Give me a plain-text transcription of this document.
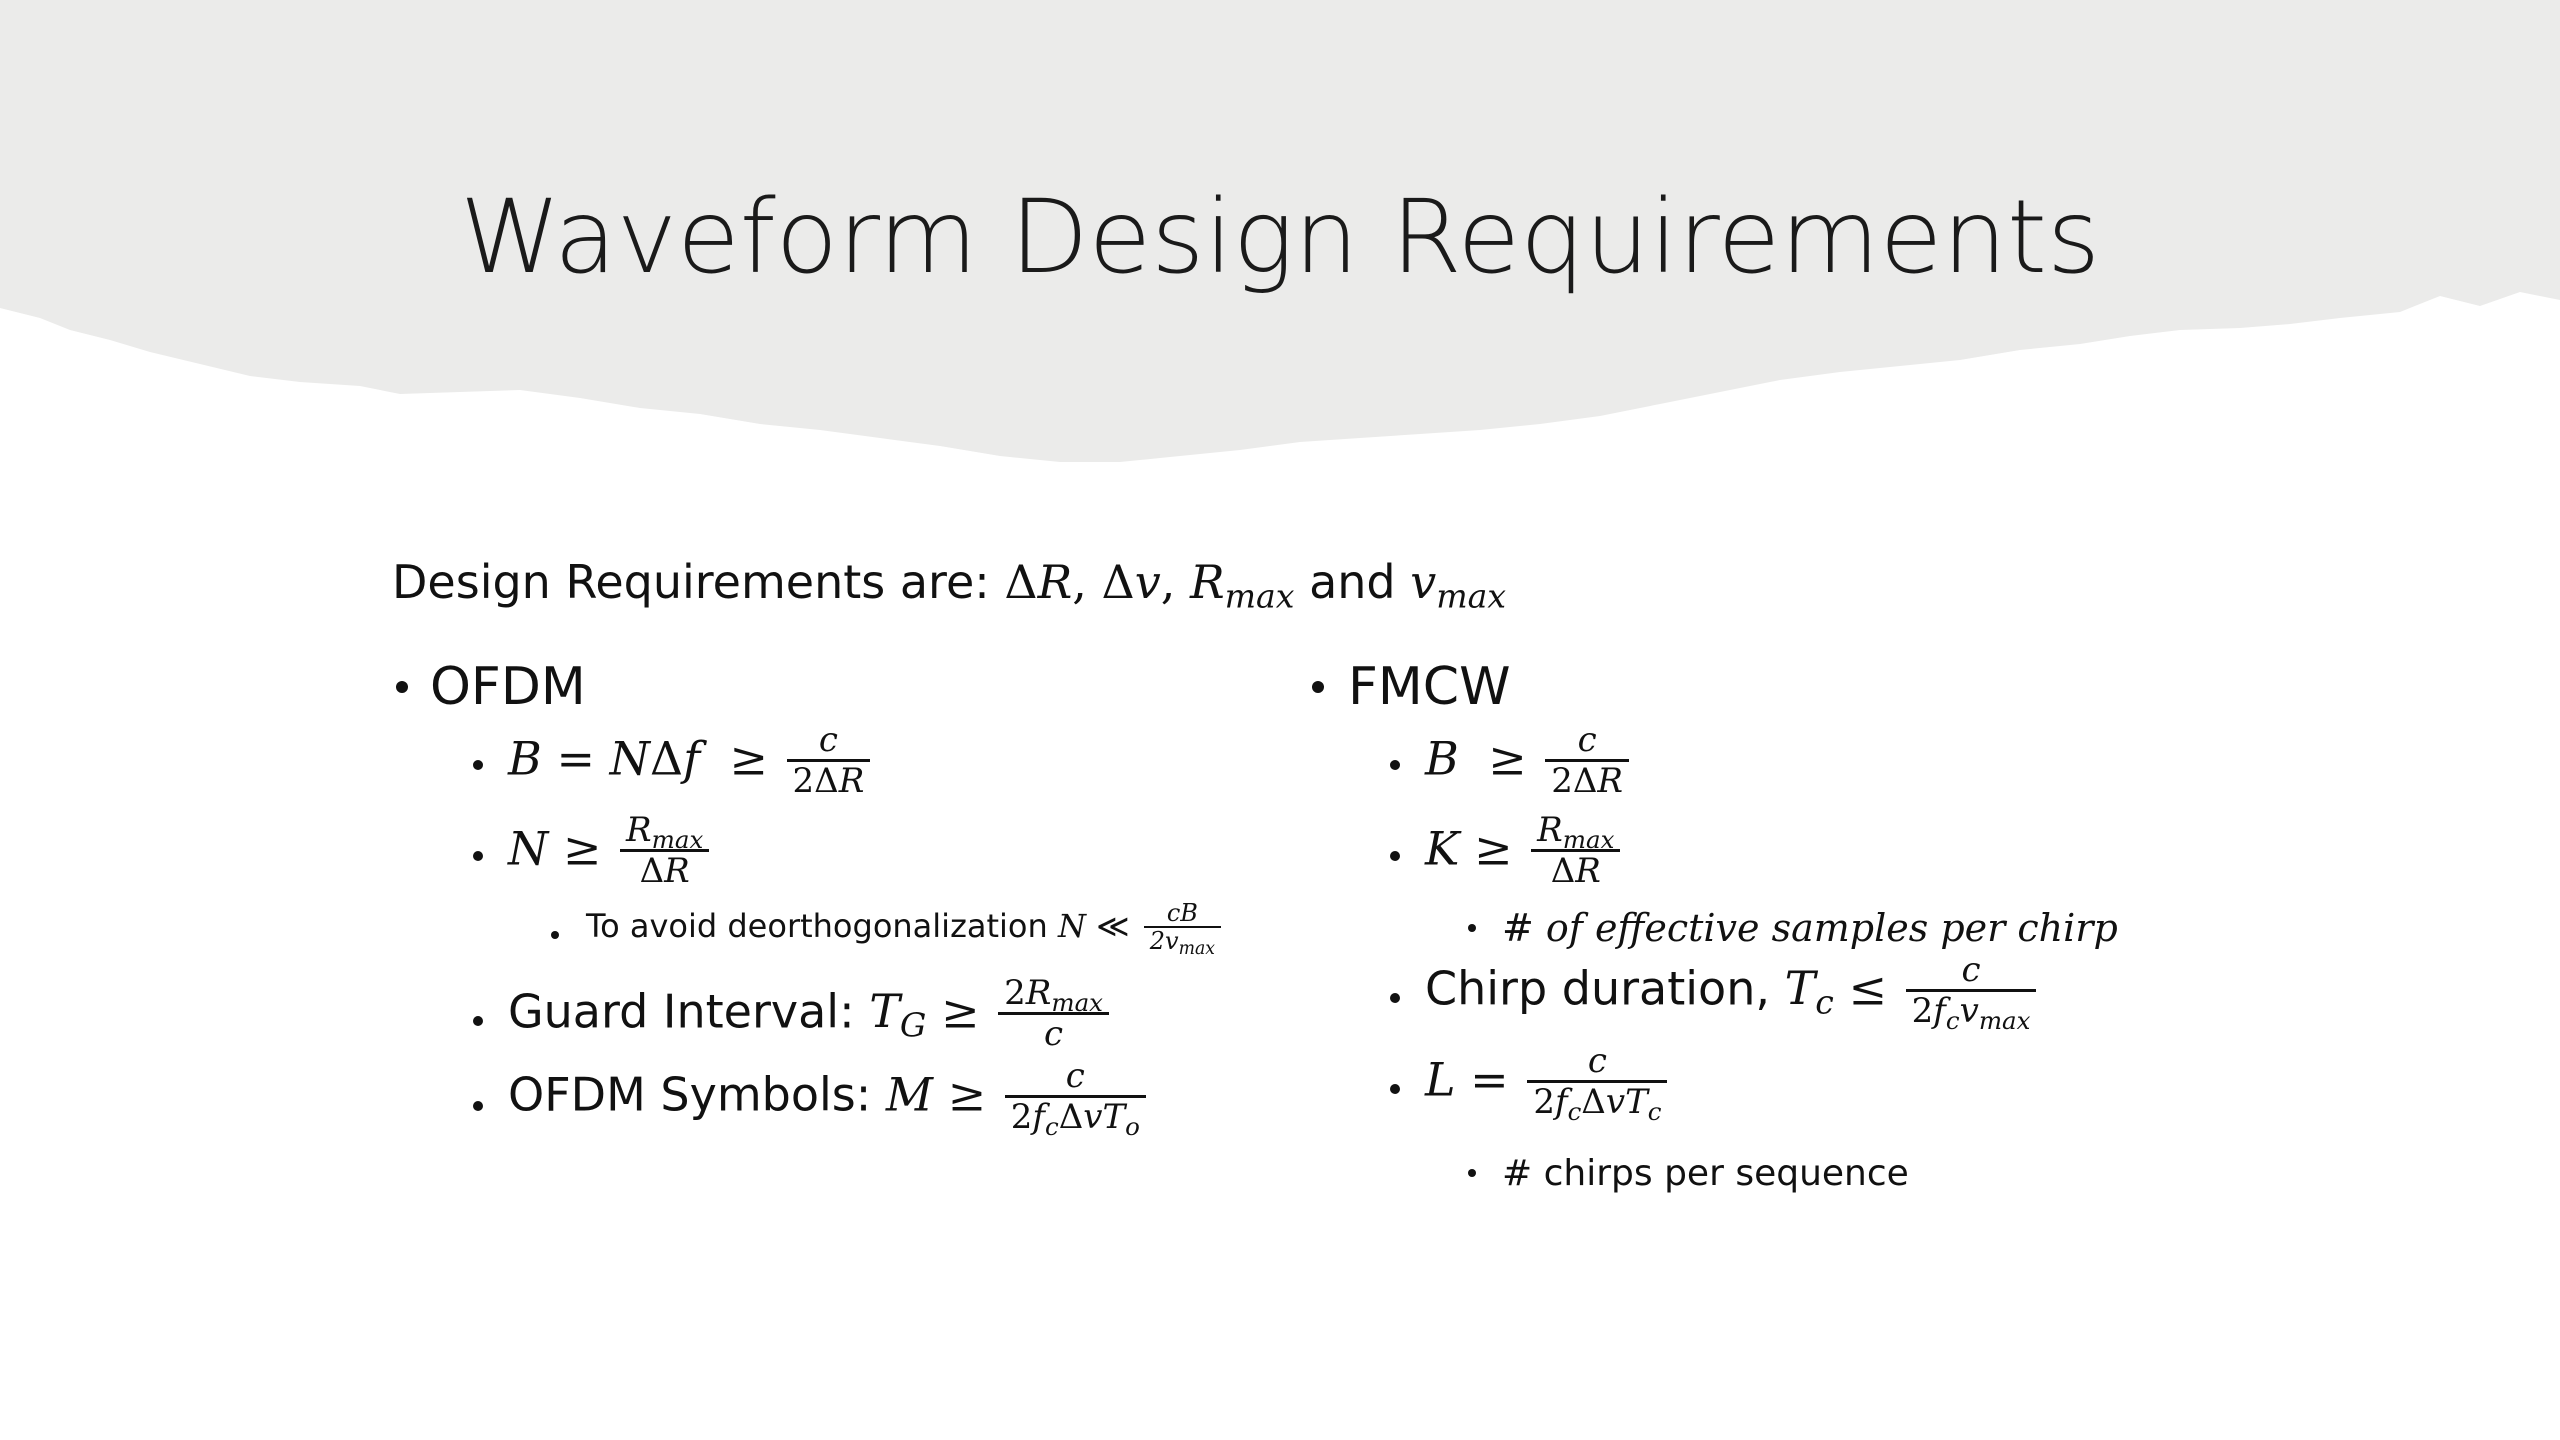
Waveform Design Requirements
Design Requirements are: ΔR, Δv, $R_{max}$ and $v_{max}$
OFDM
$B = N\Delta f \ge \frac{c}{2\Delta R}$
$N \ge \frac{R_{max}}{\Delta R}$
To avoid deorthogonalization N ≪ $\frac{cB}{2v_{max}}$
Guard Interval: $T_G \ge \frac{2R_{max}}{c}$
OFDM Symbols: $M \ge \frac{c}{2f_c\Delta vT_o}$
FMCW
$B \ge \frac{c}{2\Delta R}$
$K \ge \frac{R_{max}}{\Delta R}$
# of effective samples per chirp
Chirp duration, $T_c \le \frac{c}{2f_cv_{max}}$
$L = \frac{c}{2f_c\Delta vT_c}$
# chirps per sequence
